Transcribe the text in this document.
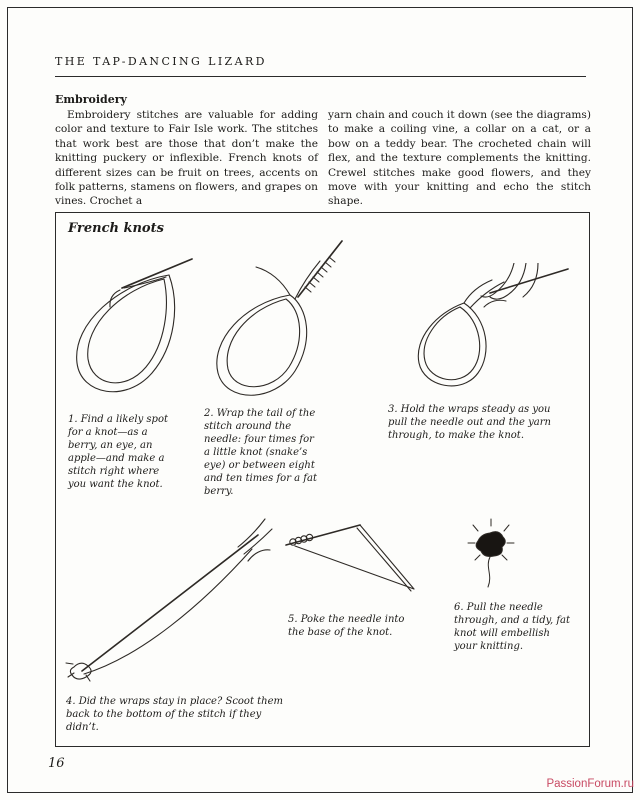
THE TAP-DANCING LIZARD
Embroidery
Embroidery stitches are valuable for adding color and texture to Fair Isle work. The stitches that work best are those that don’t make the knitting puckery or inflexible. French knots of different sizes can be fruit on trees, accents on folk patterns, stamens on flowers, and grapes on vines. Crochet a
yarn chain and couch it down (see the diagrams) to make a coiling vine, a collar on a cat, or a bow on a teddy bear. The crocheted chain will flex, and the texture complements the knitting. Crewel stitches make good flowers, and they move with your knitting and echo the stitch shape.
French knots
1. Find a likely spot for a knot—as a berry, an eye, an apple—and make a stitch right where you want the knot.
2. Wrap the tail of the stitch around the needle: four times for a little knot (snake’s eye) or between eight and ten times for a fat berry.
3. Hold the wraps steady as you pull the needle out and the yarn through, to make the knot.
4. Did the wraps stay in place? Scoot them back to the bottom of the stitch if they didn’t.
5. Poke the needle into the base of the knot.
6. Pull the needle through, and a tidy, fat knot will embellish your knitting.
16
PassionForum.ru
